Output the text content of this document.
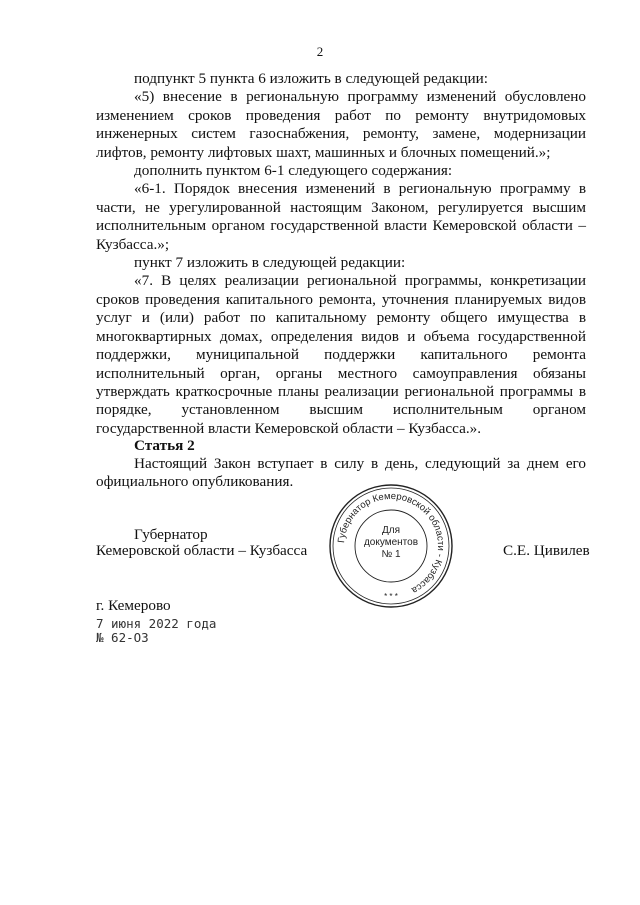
2

подпункт 5 пункта 6 изложить в следующей редакции:

«5) внесение в региональную программу изменений обусловлено изменением сроков проведения работ по ремонту внутридомовых инженерных систем газоснабжения, ремонту, замене, модернизации лифтов, ремонту лифтовых шахт, машинных и блочных помещений.»;

дополнить пунктом 6-1 следующего содержания:

«6-1. Порядок внесения изменений в региональную программу в части, не урегулированной настоящим Законом, регулируется высшим исполнительным органом государственной власти Кемеровской области – Кузбасса.»;

пункт 7 изложить в следующей редакции:

«7. В целях реализации региональной программы, конкретизации сроков проведения капитального ремонта, уточнения планируемых видов услуг и (или) работ по капитальному ремонту общего имущества в многоквартирных домах, определения видов и объема государственной поддержки, муниципальной поддержки капитального ремонта исполнительный орган, органы местного самоуправления обязаны утверждать краткосрочные планы реализации региональной программы в порядке, установленном высшим исполнительным органом государственной власти Кемеровской области – Кузбасса.».

Статья 2

Настоящий Закон вступает в силу в день, следующий за днем его официального опубликования.

Губернатор
Кемеровской области – Кузбасса	С.Е. Цивилев
Губернатор Кемеровской области - Кузбасса
Для
документов
№ 1
* * *
г. Кемерово
7 июня 2022 года
№ 62-ОЗ
